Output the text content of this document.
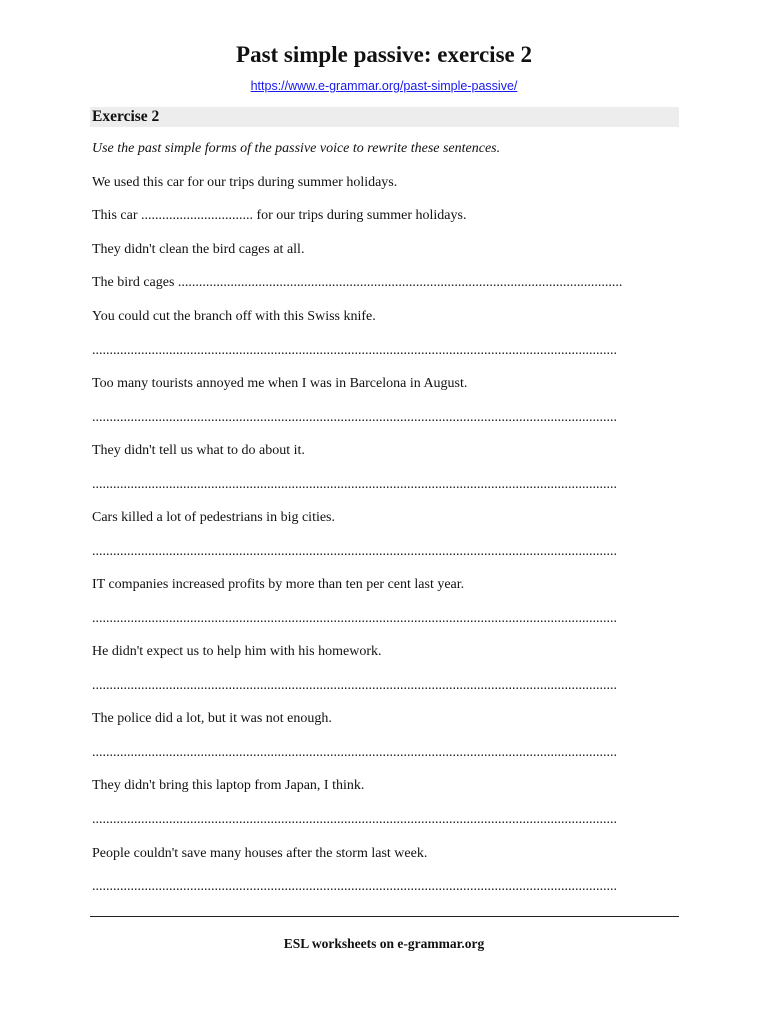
Past simple passive: exercise 2
https://www.e-grammar.org/past-simple-passive/
Exercise 2
Use the past simple forms of the passive voice to rewrite these sentences.
We used this car for our trips during summer holidays.
This car ................................ for our trips during summer holidays.
They didn't clean the bird cages at all.
The bird cages ...............................................................................................................................
You could cut the branch off with this Swiss knife.
......................................................................................................................................................
Too many tourists annoyed me when I was in Barcelona in August.
......................................................................................................................................................
They didn't tell us what to do about it.
......................................................................................................................................................
Cars killed a lot of pedestrians in big cities.
......................................................................................................................................................
IT companies increased profits by more than ten per cent last year.
......................................................................................................................................................
He didn't expect us to help him with his homework.
......................................................................................................................................................
The police did a lot, but it was not enough.
......................................................................................................................................................
They didn't bring this laptop from Japan, I think.
......................................................................................................................................................
People couldn't save many houses after the storm last week.
......................................................................................................................................................
ESL worksheets on e-grammar.org
